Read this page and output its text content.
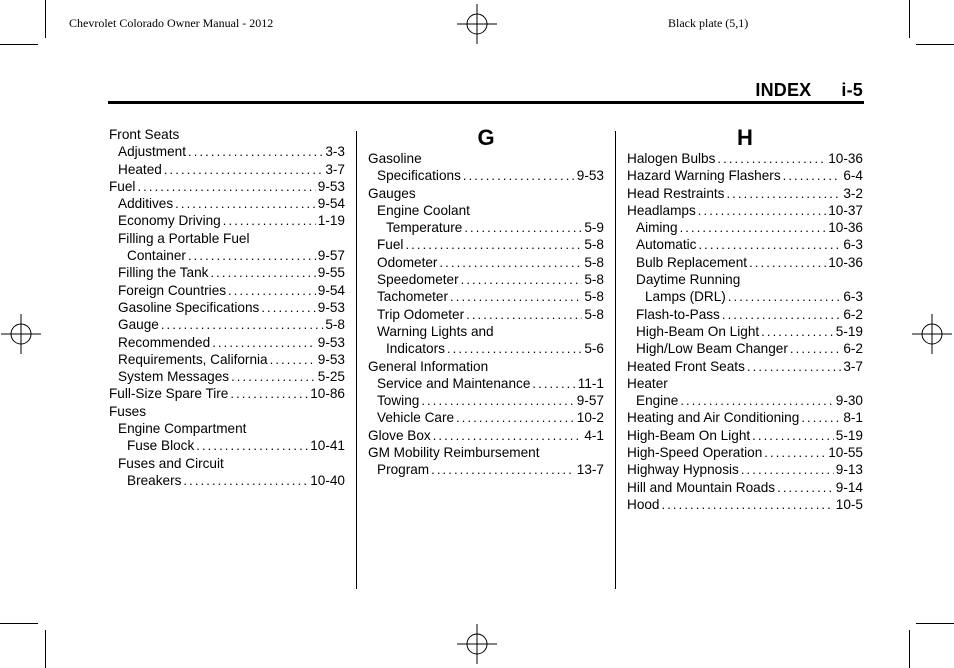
Chevrolet Colorado Owner Manual - 2012	Black plate (5,1)
INDEX i-5
G	H
Front Seats
Adjustment .....	3-3
Heated .....	3-7
Fuel .....	9-53
Additives .....	9-54
Economy Driving .....	1-19
Filling a Portable Fuel
Container .....	9-57
Filling the Tank .....	9-55
Foreign Countries .....	9-54
Gasoline Specifications .....	9-53
Gauge .....	5-8
Recommended .....	9-53
Requirements, California .....	9-53
System Messages .....	5-25
Full-Size Spare Tire .....	10-86
Fuses
Engine Compartment
Fuse Block .....	10-41
Fuses and Circuit
Breakers .....	10-40
Gasoline
Specifications .....	9-53
Gauges
Engine Coolant
Temperature .....	5-9
Fuel .....	5-8
Odometer .....	5-8
Speedometer .....	5-8
Tachometer .....	5-8
Trip Odometer .....	5-8
Warning Lights and
Indicators .....	5-6
General Information
Service and Maintenance .....	11-1
Towing .....	9-57
Vehicle Care .....	10-2
Glove Box .....	4-1
GM Mobility Reimbursement
Program .....	13-7
Halogen Bulbs .....	10-36
Hazard Warning Flashers .....	6-4
Head Restraints .....	3-2
Headlamps .....	10-37
Aiming .....	10-36
Automatic .....	6-3
Bulb Replacement .....	10-36
Daytime Running
Lamps (DRL) .....	6-3
Flash-to-Pass .....	6-2
High-Beam On Light .....	5-19
High/Low Beam Changer .....	6-2
Heated Front Seats .....	3-7
Heater
Engine .....	9-30
Heating and Air Conditioning .....	8-1
High-Beam On Light .....	5-19
High-Speed Operation .....	10-55
Highway Hypnosis .....	9-13
Hill and Mountain Roads .....	9-14
Hood .....	10-5
